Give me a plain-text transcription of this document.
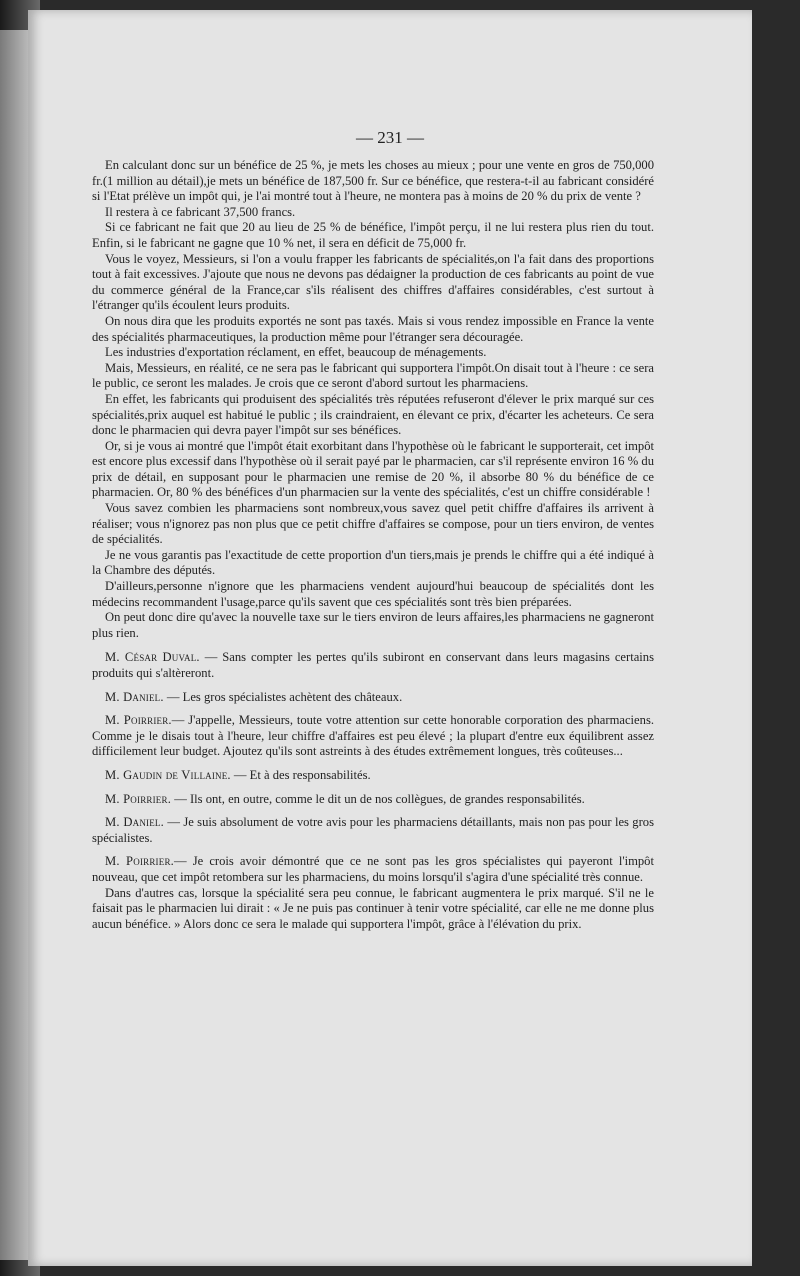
— 231 —

En calculant donc sur un bénéfice de 25 %, je mets les choses au mieux ; pour une vente en gros de 750,000 fr.(1 million au détail),je mets un bénéfice de 187,500 fr. Sur ce bénéfice, que restera-t-il au fabricant considéré si l'Etat prélève un impôt qui, je l'ai montré tout à l'heure, ne montera pas à moins de 20 % du prix de vente ?

Il restera à ce fabricant 37,500 francs.

Si ce fabricant ne fait que 20 au lieu de 25 % de bénéfice, l'impôt perçu, il ne lui restera plus rien du tout. Enfin, si le fabricant ne gagne que 10 % net, il sera en déficit de 75,000 fr.

Vous le voyez, Messieurs, si l'on a voulu frapper les fabricants de spécialités,on l'a fait dans des proportions tout à fait excessives. J'ajoute que nous ne devons pas dédaigner la production de ces fabricants au point de vue du commerce général de la France,car s'ils réalisent des chiffres d'affaires considérables, c'est surtout à l'étranger qu'ils écoulent leurs produits.

On nous dira que les produits exportés ne sont pas taxés. Mais si vous rendez impossible en France la vente des spécialités pharmaceutiques, la production même pour l'étranger sera découragée.

Les industries d'exportation réclament, en effet, beaucoup de ménagements.

Mais, Messieurs, en réalité, ce ne sera pas le fabricant qui supportera l'impôt.On disait tout à l'heure : ce sera le public, ce seront les malades. Je crois que ce seront d'abord surtout les pharmaciens.

En effet, les fabricants qui produisent des spécialités très réputées refuseront d'élever le prix marqué sur ces spécialités,prix auquel est habitué le public ; ils craindraient, en élevant ce prix, d'écarter les acheteurs. Ce sera donc le pharmacien qui devra payer l'impôt sur ses bénéfices.

Or, si je vous ai montré que l'impôt était exorbitant dans l'hypothèse où le fabricant le supporterait, cet impôt est encore plus excessif dans l'hypothèse où il serait payé par le pharmacien, car s'il représente environ 16 % du prix de détail, en supposant pour le pharmacien une remise de 20 %, il absorbe 80 % du bénéfice de ce pharmacien. Or, 80 % des bénéfices d'un pharmacien sur la vente des spécialités, c'est un chiffre considérable !

Vous savez combien les pharmaciens sont nombreux,vous savez quel petit chiffre d'affaires ils arrivent à réaliser; vous n'ignorez pas non plus que ce petit chiffre d'affaires se compose, pour un tiers environ, de ventes de spécialités.

Je ne vous garantis pas l'exactitude de cette proportion d'un tiers,mais je prends le chiffre qui a été indiqué à la Chambre des députés.

D'ailleurs,personne n'ignore que les pharmaciens vendent aujourd'hui beaucoup de spécialités dont les médecins recommandent l'usage,parce qu'ils savent que ces spécialités sont très bien préparées.

On peut donc dire qu'avec la nouvelle taxe sur le tiers environ de leurs affaires,les pharmaciens ne gagneront plus rien.

M. César Duval. — Sans compter les pertes qu'ils subiront en conservant dans leurs magasins certains produits qui s'altèreront.

M. Daniel. — Les gros spécialistes achètent des châteaux.

M. Poirrier.— J'appelle, Messieurs, toute votre attention sur cette honorable corporation des pharmaciens. Comme je le disais tout à l'heure, leur chiffre d'affaires est peu élevé ; la plupart d'entre eux équilibrent assez difficilement leur budget. Ajoutez qu'ils sont astreints à des études extrêmement longues, très coûteuses...

M. Gaudin de Villaine. — Et à des responsabilités.

M. Poirrier. — Ils ont, en outre, comme le dit un de nos collègues, de grandes responsabilités.

M. Daniel. — Je suis absolument de votre avis pour les pharmaciens détaillants, mais non pas pour les gros spécialistes.

M. Poirrier.— Je crois avoir démontré que ce ne sont pas les gros spécialistes qui payeront l'impôt nouveau, que cet impôt retombera sur les pharmaciens, du moins lorsqu'il s'agira d'une spécialité très connue.

Dans d'autres cas, lorsque la spécialité sera peu connue, le fabricant augmentera le prix marqué. S'il ne le faisait pas le pharmacien lui dirait : « Je ne puis pas continuer à tenir votre spécialité, car elle ne me donne plus aucun bénéfice. » Alors donc ce sera le malade qui supportera l'impôt, grâce à l'élévation du prix.
